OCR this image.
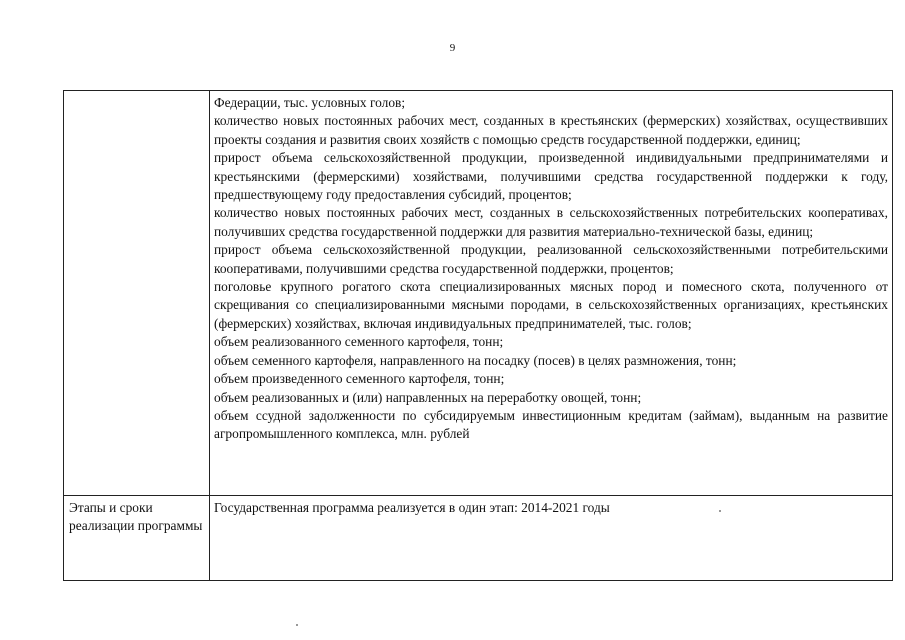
9

Федерации, тыс. условных голов;

количество новых постоянных рабочих мест, созданных в крестьянских (фермерских) хозяйствах, осуществивших проекты создания и развития своих хозяйств с помощью средств государственной поддержки, единиц;

прирост объема сельскохозяйственной продукции, произведенной индивидуальными предпринимателями и крестьянскими (фермерскими) хозяйствами, получившими средства государственной поддержки к году, предшествующему году предоставления субсидий, процентов;

количество новых постоянных рабочих мест, созданных в сельскохозяйственных потребительских кооперативах, получивших средства государственной поддержки для развития материально-технической базы, единиц;

прирост объема сельскохозяйственной продукции, реализованной сельскохозяйственными потребительскими кооперативами, получившими средства государственной поддержки, процентов;

поголовье крупного рогатого скота специализированных мясных пород и помесного скота, полученного от скрещивания со специализированными мясными породами, в сельскохозяйственных организациях, крестьянских (фермерских) хозяйствах, включая индивидуальных предпринимателей, тыс. голов;

объем реализованного семенного картофеля, тонн;

объем семенного картофеля, направленного на посадку (посев) в целях размножения, тонн;

объем произведенного семенного картофеля, тонн;

объем реализованных и (или) направленных на переработку овощей, тонн;

объем ссудной задолженности по субсидируемым инвестиционным кредитам (займам), выданным на развитие агропромышленного комплекса, млн. рублей

Этапы и сроки реализации программы
Государственная программа реализуется в один этап: 2014-2021 годы
